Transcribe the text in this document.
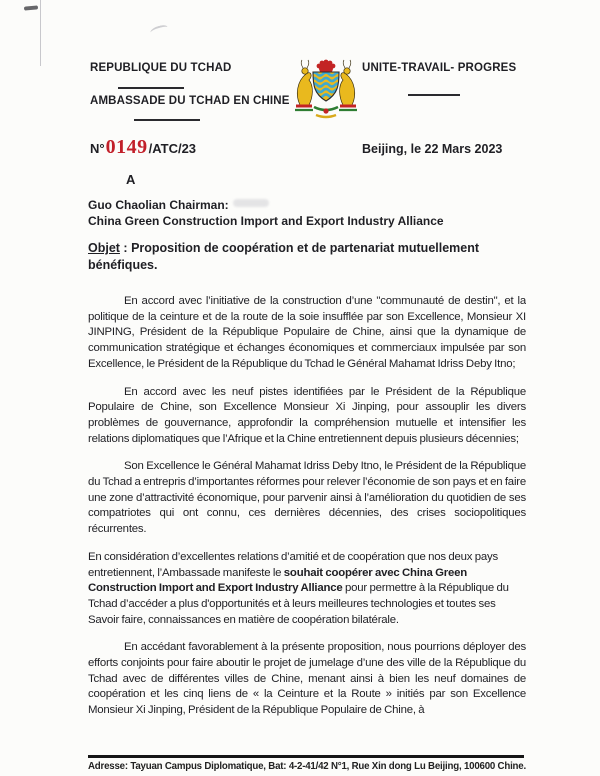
REPUBLIQUE DU TCHAD
AMBASSADE DU TCHAD EN CHINE
UNITE-TRAVAIL- PROGRES
N° 0149 /ATC/23	Beijing, le 22 Mars 2023
A
Guo Chaolian Chairman:
China Green Construction Import and Export Industry Alliance
Objet : Proposition de coopération et de partenariat mutuellement bénéfiques.

En accord avec l’initiative de la construction d’une "communauté de destin", et la politique de la ceinture et de la route de la soie insufflée par son Excellence, Monsieur XI JINPING, Président de la République Populaire de Chine, ainsi que la dynamique de communication stratégique et échanges économiques et commerciaux impulsée par son Excellence, le Président de la République du Tchad le Général Mahamat Idriss Deby Itno;

En accord avec les neuf pistes identifiées par le Président de la République Populaire de Chine, son Excellence Monsieur Xi Jinping, pour assouplir les divers problèmes de gouvernance, approfondir la compréhension mutuelle et intensifier les relations diplomatiques que l’Afrique et la Chine entretiennent depuis plusieurs décennies;

Son Excellence le Général Mahamat Idriss Deby Itno, le Président de la République du Tchad a entrepris d’importantes réformes pour relever l’économie de son pays et en faire une zone d’attractivité économique, pour parvenir ainsi à l’amélioration du quotidien de ses compatriotes qui ont connu, ces dernières décennies, des crises sociopolitiques récurrentes.

En considération d’excellentes relations d’amitié et de coopération que nos deux pays entretiennent, l’Ambassade manifeste le souhait coopérer avec China Green Construction Import and Export Industry Alliance pour permettre à la République du Tchad d’accéder a plus d'opportunités et à leurs meilleures technologies et toutes ses Savoir faire, connaissances en matière de coopération bilatérale.

En accédant favorablement à la présente proposition, nous pourrions déployer des efforts conjoints pour faire aboutir le projet de jumelage d’une des ville de la République du Tchad avec de différentes villes de Chine, menant ainsi à bien les neuf domaines de coopération et les cinq liens de « la Ceinture et la Route » initiés par son Excellence Monsieur Xi Jinping, Président de la République Populaire de Chine, à

Adresse: Tayuan Campus Diplomatique, Bat: 4-2-41/42 N°1, Rue Xin dong Lu Beijing, 100600 Chine.
